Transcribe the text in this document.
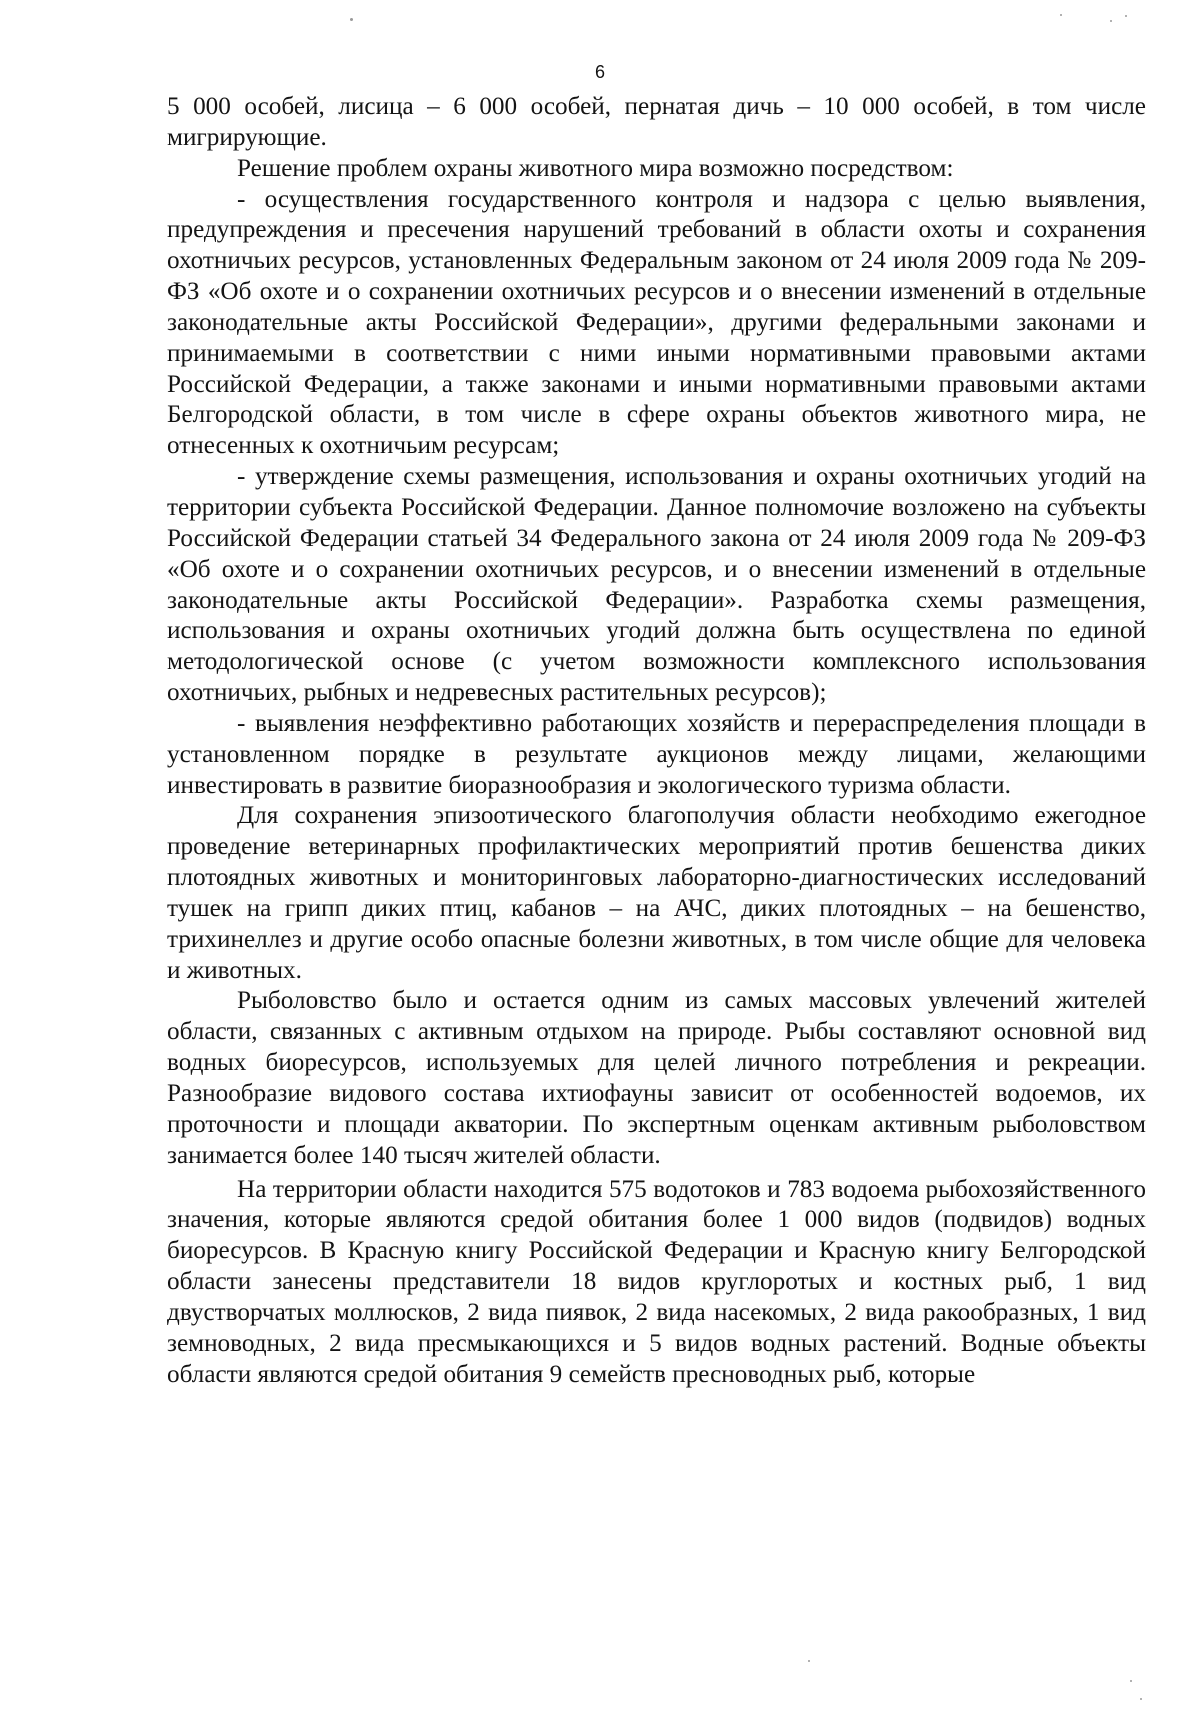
6

5 000 особей, лисица – 6 000 особей, пернатая дичь – 10 000 особей, в том числе мигрирующие.

Решение проблем охраны животного мира возможно посредством:

- осуществления государственного контроля и надзора с целью выявления, предупреждения и пресечения нарушений требований в области охоты и сохранения охотничьих ресурсов, установленных Федеральным законом от 24 июля 2009 года № 209-ФЗ «Об охоте и о сохранении охотничьих ресурсов и о внесении изменений в отдельные законодательные акты Российской Федерации», другими федеральными законами и принимаемыми в соответствии с ними иными нормативными правовыми актами Российской Федерации, а также законами и иными нормативными правовыми актами Белгородской области, в том числе в сфере охраны объектов животного мира, не отнесенных к охотничьим ресурсам;

- утверждение схемы размещения, использования и охраны охотничьих угодий на территории субъекта Российской Федерации. Данное полномочие возложено на субъекты Российской Федерации статьей 34 Федерального закона от 24 июля 2009 года № 209-ФЗ «Об охоте и о сохранении охотничьих ресурсов, и о внесении изменений в отдельные законодательные акты Российской Федерации». Разработка схемы размещения, использования и охраны охотничьих угодий должна быть осуществлена по единой методологической основе (с учетом возможности комплексного использования охотничьих, рыбных и недревесных растительных ресурсов);

- выявления неэффективно работающих хозяйств и перераспределения площади в установленном порядке в результате аукционов между лицами, желающими инвестировать в развитие биоразнообразия и экологического туризма области.

Для сохранения эпизоотического благополучия области необходимо ежегодное проведение ветеринарных профилактических мероприятий против бешенства диких плотоядных животных и мониторинговых лабораторно-диагностических исследований тушек на грипп диких птиц, кабанов – на АЧС, диких плотоядных – на бешенство, трихинеллез и другие особо опасные болезни животных, в том числе общие для человека и животных.

Рыболовство было и остается одним из самых массовых увлечений жителей области, связанных с активным отдыхом на природе. Рыбы составляют основной вид водных биоресурсов, используемых для целей личного потребления и рекреации. Разнообразие видового состава ихтиофауны зависит от особенностей водоемов, их проточности и площади акватории. По экспертным оценкам активным рыболовством занимается более 140 тысяч жителей области.

На территории области находится 575 водотоков и 783 водоема рыбохозяйственного значения, которые являются средой обитания более 1 000 видов (подвидов) водных биоресурсов. В Красную книгу Российской Федерации и Красную книгу Белгородской области занесены представители 18 видов круглоротых и костных рыб, 1 вид двустворчатых моллюсков, 2 вида пиявок, 2 вида насекомых, 2 вида ракообразных, 1 вид земноводных, 2 вида пресмыкающихся и 5 видов водных растений. Водные объекты области являются средой обитания 9 семейств пресноводных рыб, которые
